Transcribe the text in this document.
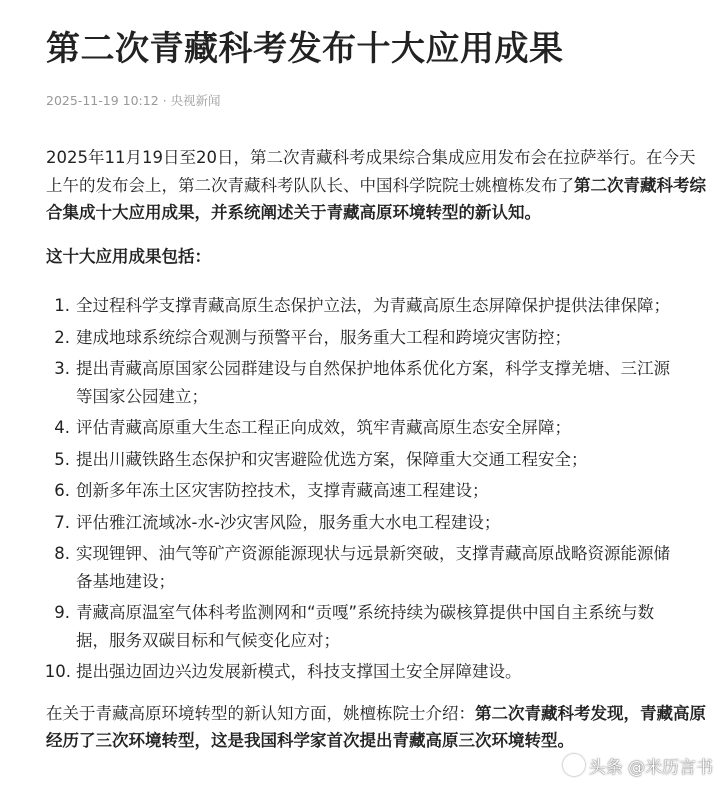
第二次青藏科考发布十大应用成果
2025-11-19 10:12 · 央视新闻

2025年11月19日至20日，第二次青藏科考成果综合集成应用发布会在拉萨举行。在今天上午的发布会上，第二次青藏科考队队长、中国科学院院士姚檀栋发布了第二次青藏科考综合集成十大应用成果，并系统阐述关于青藏高原环境转型的新认知。

这十大应用成果包括：
1. 全过程科学支撑青藏高原生态保护立法，为青藏高原生态屏障保护提供法律保障；
2. 建成地球系统综合观测与预警平台，服务重大工程和跨境灾害防控；
3. 提出青藏高原国家公园群建设与自然保护地体系优化方案，科学支撑羌塘、三江源等国家公园建立；
4. 评估青藏高原重大生态工程正向成效，筑牢青藏高原生态安全屏障；
5. 提出川藏铁路生态保护和灾害避险优选方案，保障重大交通工程安全；
6. 创新多年冻土区灾害防控技术，支撑青藏高速工程建设；
7. 评估雅江流域冰-水-沙灾害风险，服务重大水电工程建设；
8. 实现锂钾、油气等矿产资源能源现状与远景新突破，支撑青藏高原战略资源能源储备基地建设；
9. 青藏高原温室气体科考监测网和“贡嘎”系统持续为碳核算提供中国自主系统与数据，服务双碳目标和气候变化应对；
10. 提出强边固边兴边发展新模式，科技支撑国土安全屏障建设。

在关于青藏高原环境转型的新认知方面，姚檀栋院士介绍：第二次青藏科考发现，青藏高原经历了三次环境转型，这是我国科学家首次提出青藏高原三次环境转型。

头条 @米历言书
